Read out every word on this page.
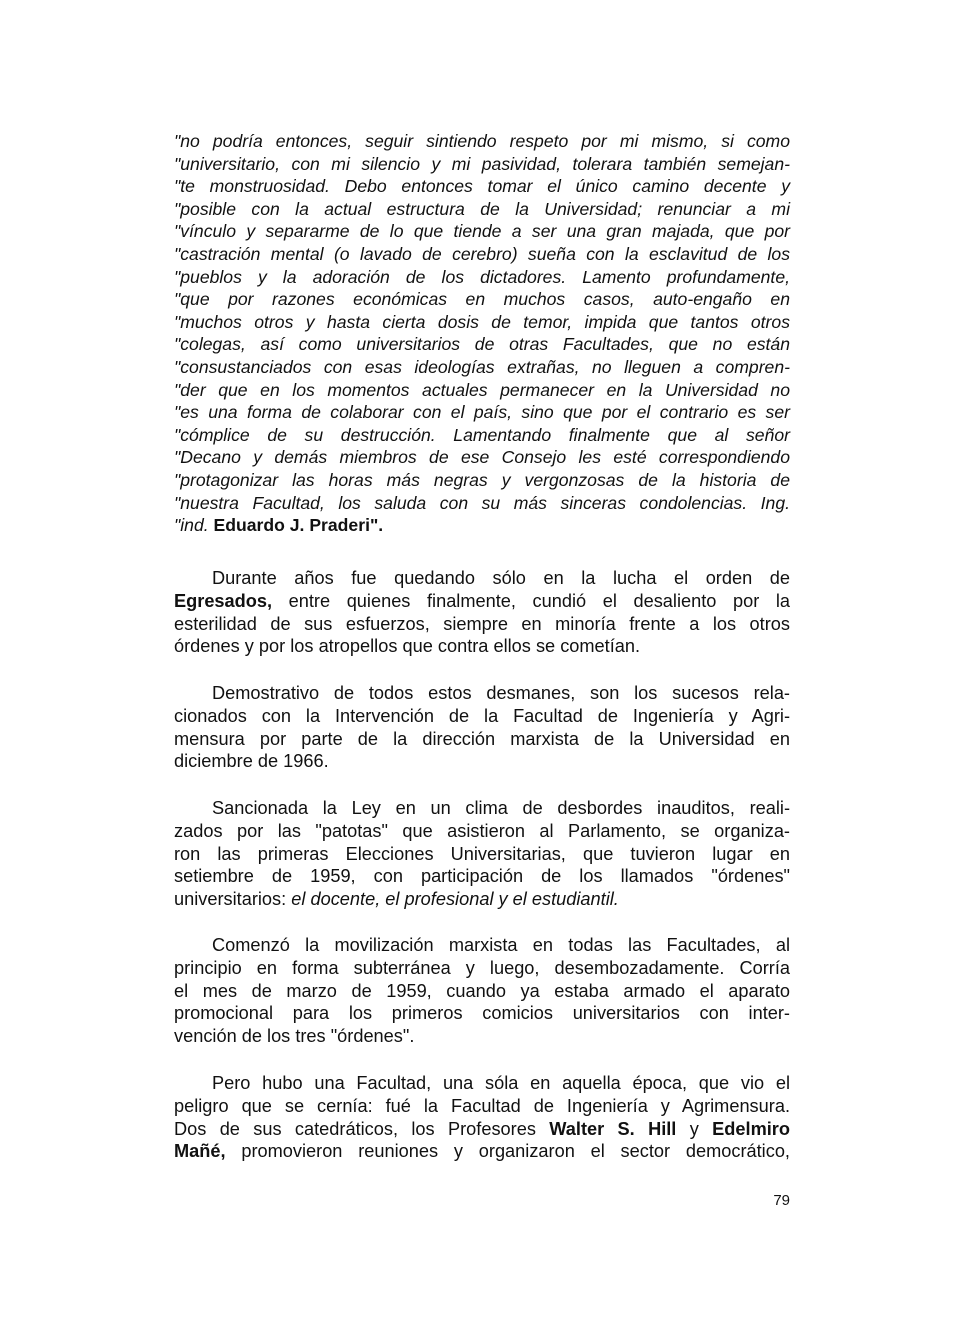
"no podría entonces, seguir sintiendo respeto por mi mismo, si como
"universitario, con mi silencio y mi pasividad, tolerara también semejan-
"te monstruosidad. Debo entonces tomar el único camino decente y
"posible con la actual estructura de la Universidad; renunciar a mi
"vínculo y separarme de lo que tiende a ser una gran majada, que por
"castración mental (o lavado de cerebro) sueña con la esclavitud de los
"pueblos y la adoración de los dictadores. Lamento profundamente,
"que por razones económicas en muchos casos, auto-engaño en
"muchos otros y hasta cierta dosis de temor, impida que tantos otros
"colegas, así como universitarios de otras Facultades, que no están
"consustanciados con esas ideologías extrañas, no lleguen a compren-
"der que en los momentos actuales permanecer en la Universidad no
"es una forma de colaborar con el país, sino que por el contrario es ser
"cómplice de su destrucción. Lamentando finalmente que al señor
"Decano y demás miembros de ese Consejo les esté correspondiendo
"protagonizar las horas más negras y vergonzosas de la historia de
"nuestra Facultad, los saluda con su más sinceras condolencias. Ing.
"ind. Eduardo J. Praderi".
Durante años fue quedando sólo en la lucha el orden de
Egresados, entre quienes finalmente, cundió el desaliento por la
esterilidad de sus esfuerzos, siempre en minoría frente a los otros
órdenes y por los atropellos que contra ellos se cometían.
Demostrativo de todos estos desmanes, son los sucesos rela-
cionados con la Intervención de la Facultad de Ingeniería y Agri-
mensura por parte de la dirección marxista de la Universidad en
diciembre de 1966.
Sancionada la Ley en un clima de desbordes inauditos, reali-
zados por las "patotas" que asistieron al Parlamento, se organiza-
ron las primeras Elecciones Universitarias, que tuvieron lugar en
setiembre de 1959, con participación de los llamados "órdenes"
universitarios: el docente, el profesional y el estudiantil.
Comenzó la movilización marxista en todas las Facultades, al
principio en forma subterránea y luego, desembozadamente. Corría
el mes de marzo de 1959, cuando ya estaba armado el aparato
promocional para los primeros comicios universitarios con inter-
vención de los tres "órdenes".
Pero hubo una Facultad, una sóla en aquella época, que vio el
peligro que se cernía: fué la Facultad de Ingeniería y Agrimensura.
Dos de sus catedráticos, los Profesores Walter S. Hill y Edelmiro
Mañé, promovieron reuniones y organizaron el sector democrático,
79
